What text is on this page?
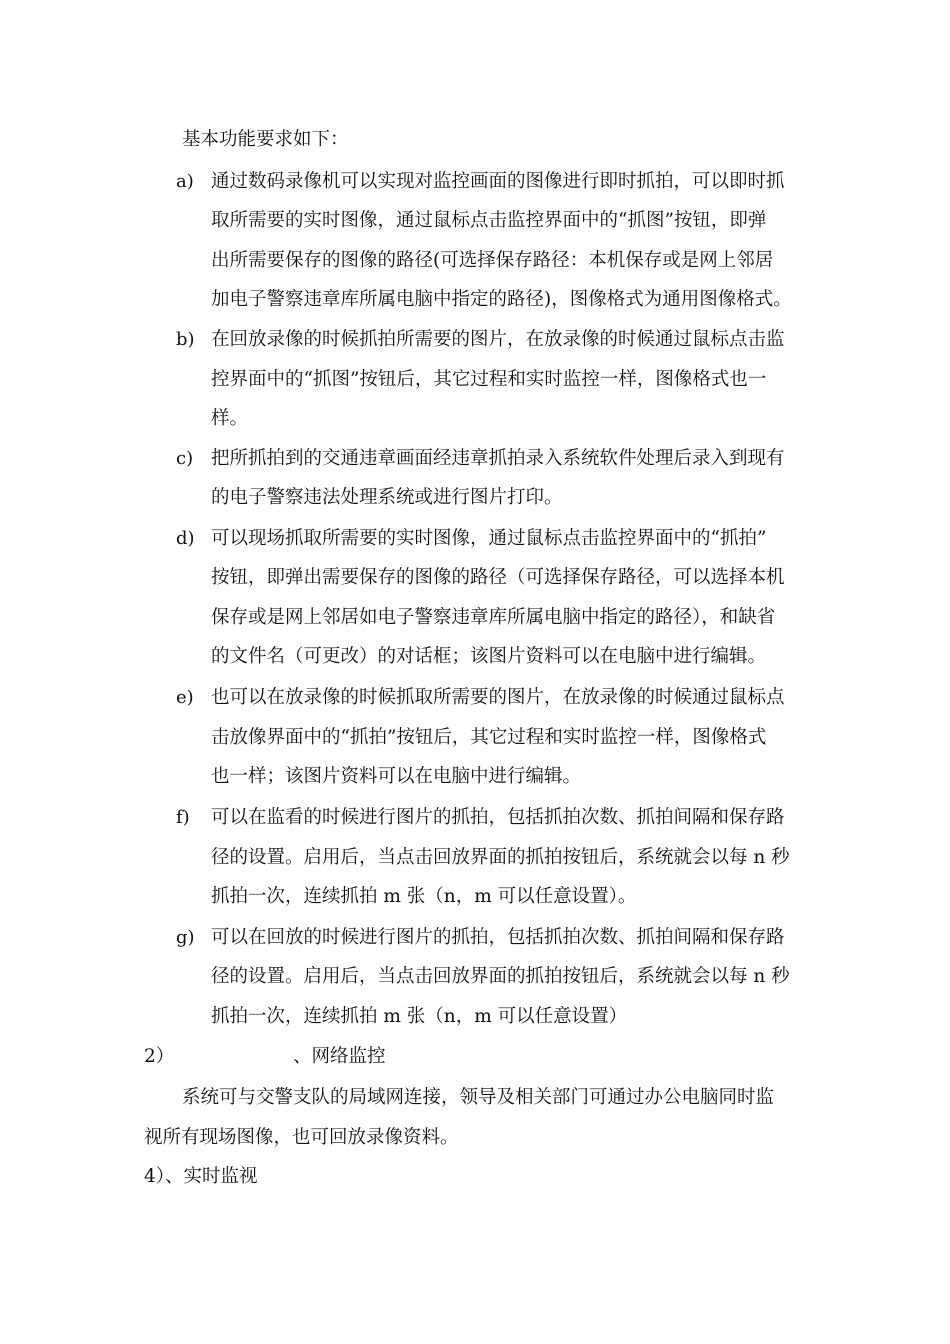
基本功能要求如下：
a) 通过数码录像机可以实现对监控画面的图像进行即时抓拍，可以即时抓
取所需要的实时图像，通过鼠标点击监控界面中的“抓图”按钮，即弹
出所需要保存的图像的路径(可选择保存路径：本机保存或是网上邻居
加电子警察违章库所属电脑中指定的路径)，图像格式为通用图像格式。
b) 在回放录像的时候抓拍所需要的图片，在放录像的时候通过鼠标点击监
控界面中的“抓图”按钮后，其它过程和实时监控一样，图像格式也一
样。
c) 把所抓拍到的交通违章画面经违章抓拍录入系统软件处理后录入到现有
的电子警察违法处理系统或进行图片打印。
d) 可以现场抓取所需要的实时图像，通过鼠标点击监控界面中的“抓拍”
按钮，即弹出需要保存的图像的路径（可选择保存路径，可以选择本机
保存或是网上邻居如电子警察违章库所属电脑中指定的路径），和缺省
的文件名（可更改）的对话框；该图片资料可以在电脑中进行编辑。
e) 也可以在放录像的时候抓取所需要的图片，在放录像的时候通过鼠标点
击放像界面中的“抓拍”按钮后，其它过程和实时监控一样，图像格式
也一样；该图片资料可以在电脑中进行编辑。
f) 可以在监看的时候进行图片的抓拍，包括抓拍次数、抓拍间隔和保存路
径的设置。启用后，当点击回放界面的抓拍按钮后，系统就会以每 n 秒
抓拍一次，连续抓拍 m 张（n，m 可以任意设置）。
g) 可以在回放的时候进行图片的抓拍，包括抓拍次数、抓拍间隔和保存路
径的设置。启用后，当点击回放界面的抓拍按钮后，系统就会以每 n 秒
抓拍一次，连续抓拍 m 张（n，m 可以任意设置）
2）	、网络监控
系统可与交警支队的局域网连接，领导及相关部门可通过办公电脑同时监
视所有现场图像，也可回放录像资料。
4）、实时监视
